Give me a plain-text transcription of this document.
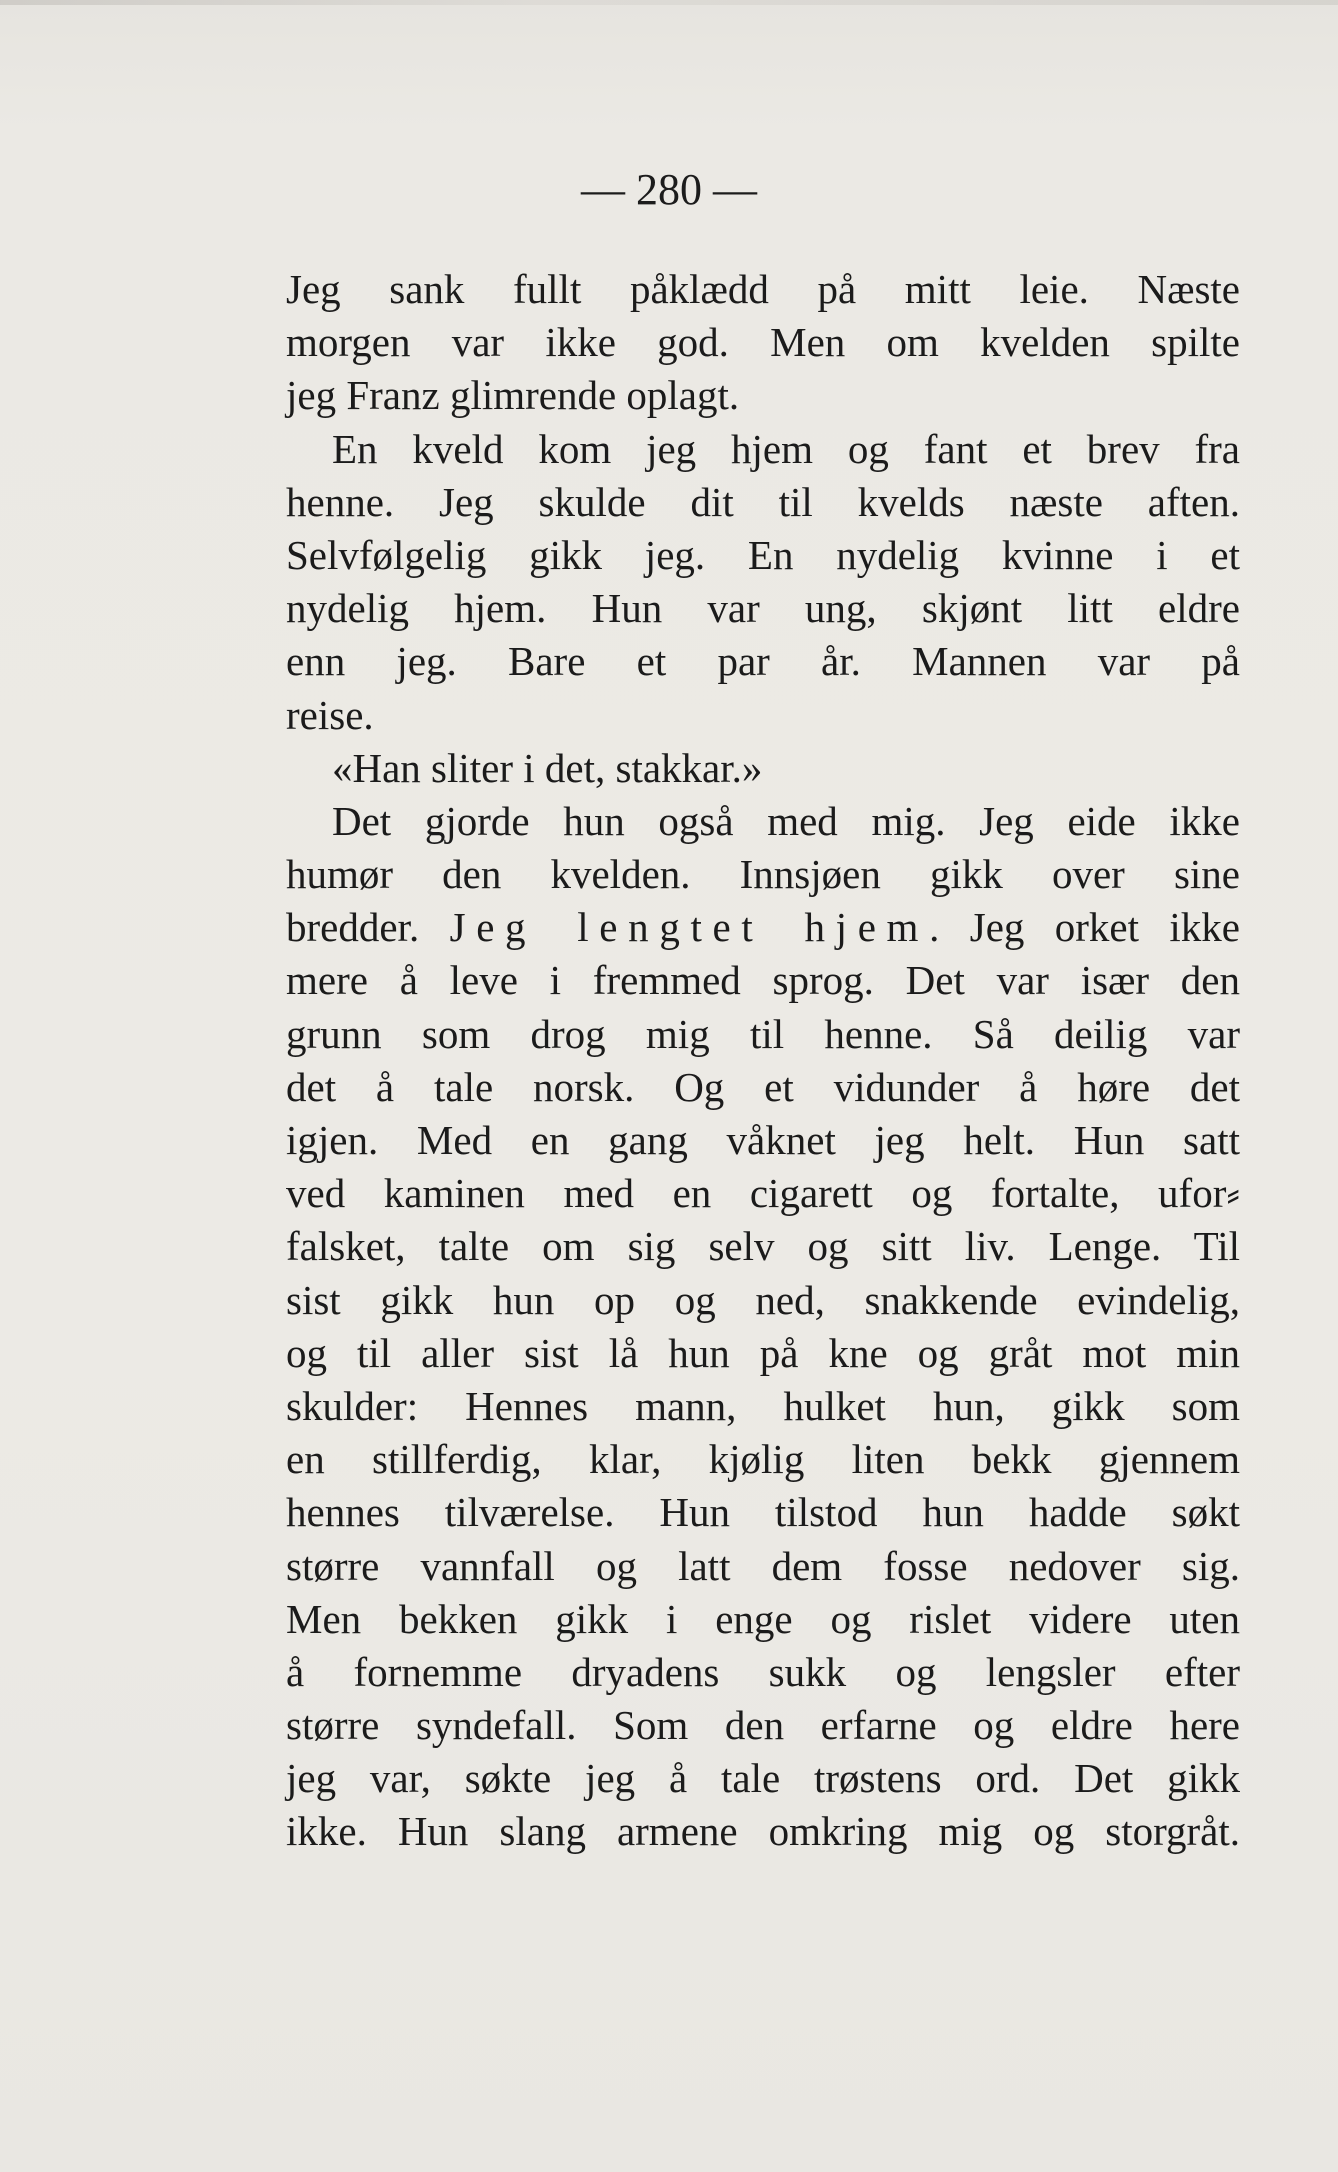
— 280 —

Jeg sank fullt påklædd på mitt leie. Næste
morgen var ikke god. Men om kvelden spilte
jeg Franz glimrende oplagt.
En kveld kom jeg hjem og fant et brev fra
henne. Jeg skulde dit til kvelds næste aften.
Selvfølgelig gikk jeg. En nydelig kvinne i et
nydelig hjem. Hun var ung, skjønt litt eldre
enn jeg. Bare et par år. Mannen var på
reise.
«Han sliter i det, stakkar.»
Det gjorde hun også med mig. Jeg eide ikke
humør den kvelden. Innsjøen gikk over sine
bredder. Jeg lengtet hjem. Jeg orket ikke
mere å leve i fremmed sprog. Det var især den
grunn som drog mig til henne. Så deilig var
det å tale norsk. Og et vidunder å høre det
igjen. Med en gang våknet jeg helt. Hun satt
ved kaminen med en cigarett og fortalte, ufor⸗
falsket, talte om sig selv og sitt liv. Lenge. Til
sist gikk hun op og ned, snakkende evindelig,
og til aller sist lå hun på kne og gråt mot min
skulder: Hennes mann, hulket hun, gikk som
en stillferdig, klar, kjølig liten bekk gjennem
hennes tilværelse. Hun tilstod hun hadde søkt
større vannfall og latt dem fosse nedover sig.
Men bekken gikk i enge og rislet videre uten
å fornemme dryadens sukk og lengsler efter
større syndefall. Som den erfarne og eldre here
jeg var, søkte jeg å tale trøstens ord. Det gikk
ikke. Hun slang armene omkring mig og storgråt.
